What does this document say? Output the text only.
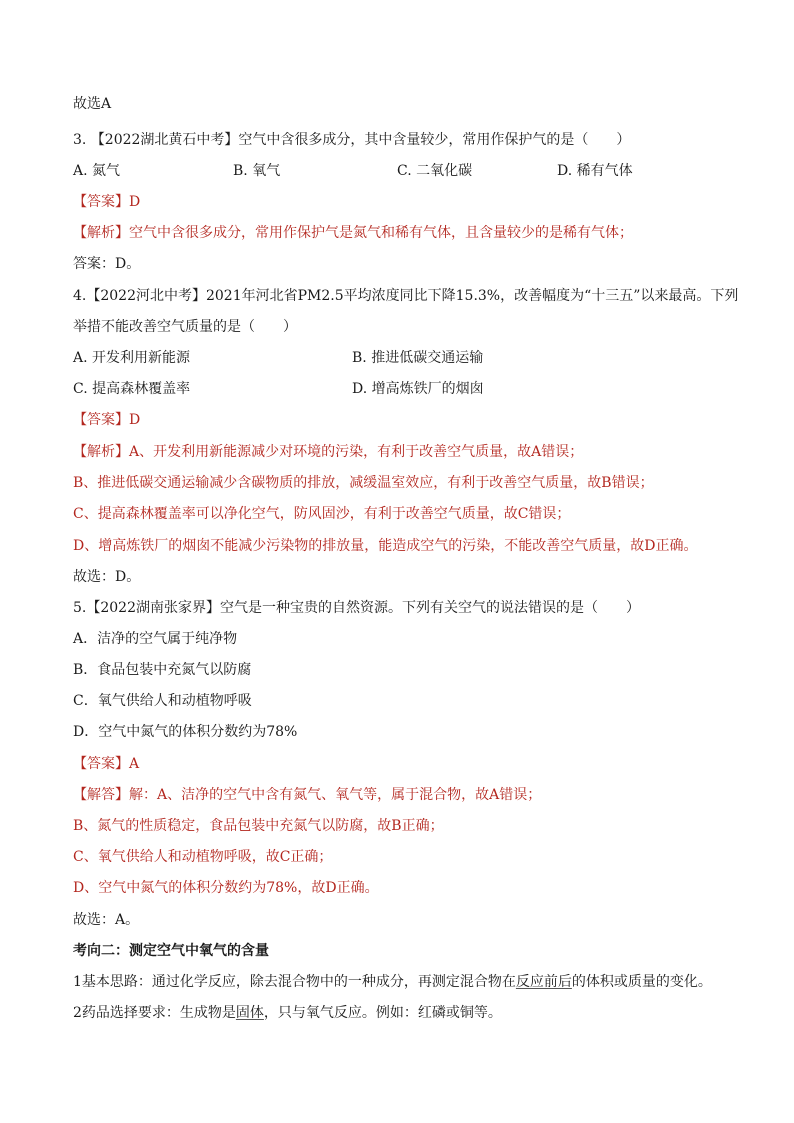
故选A
3. 【2022湖北黄石中考】空气中含很多成分，其中含量较少，常用作保护气的是（　　）
A. 氮气	B. 氧气	C. 二氧化碳	D. 稀有气体
【答案】D
【解析】空气中含很多成分，常用作保护气是氮气和稀有气体，且含量较少的是稀有气体；
答案：D。
4.【2022河北中考】2021年河北省PM2.5平均浓度同比下降15.3%，改善幅度为“十三五”以来最高。下列
举措不能改善空气质量的是（　　）
A. 开发利用新能源	B. 推进低碳交通运输
C. 提高森林覆盖率	D. 增高炼铁厂的烟囱
【答案】D
【解析】A、开发利用新能源减少对环境的污染，有利于改善空气质量，故A错误；
B、推进低碳交通运输减少含碳物质的排放，减缓温室效应，有利于改善空气质量，故B错误；
C、提高森林覆盖率可以净化空气，防风固沙，有利于改善空气质量，故C错误；
D、增高炼铁厂的烟囱不能减少污染物的排放量，能造成空气的污染，不能改善空气质量，故D正确。
故选：D。
5.【2022湖南张家界】空气是一种宝贵的自然资源。下列有关空气的说法错误的是（　　）
A．洁净的空气属于纯净物
B．食品包装中充氮气以防腐
C．氧气供给人和动植物呼吸
D．空气中氮气的体积分数约为78%
【答案】A
【解答】解：A、洁净的空气中含有氮气、氧气等，属于混合物，故A错误；
B、氮气的性质稳定，食品包装中充氮气以防腐，故B正确；
C、氧气供给人和动植物呼吸，故C正确；
D、空气中氮气的体积分数约为78%，故D正确。
故选：A。
考向二：测定空气中氧气的含量
1基本思路：通过化学反应，除去混合物中的一种成分，再测定混合物在反应前后的体积或质量的变化。
2药品选择要求：生成物是固体，只与氧气反应。例如：红磷或铜等。
